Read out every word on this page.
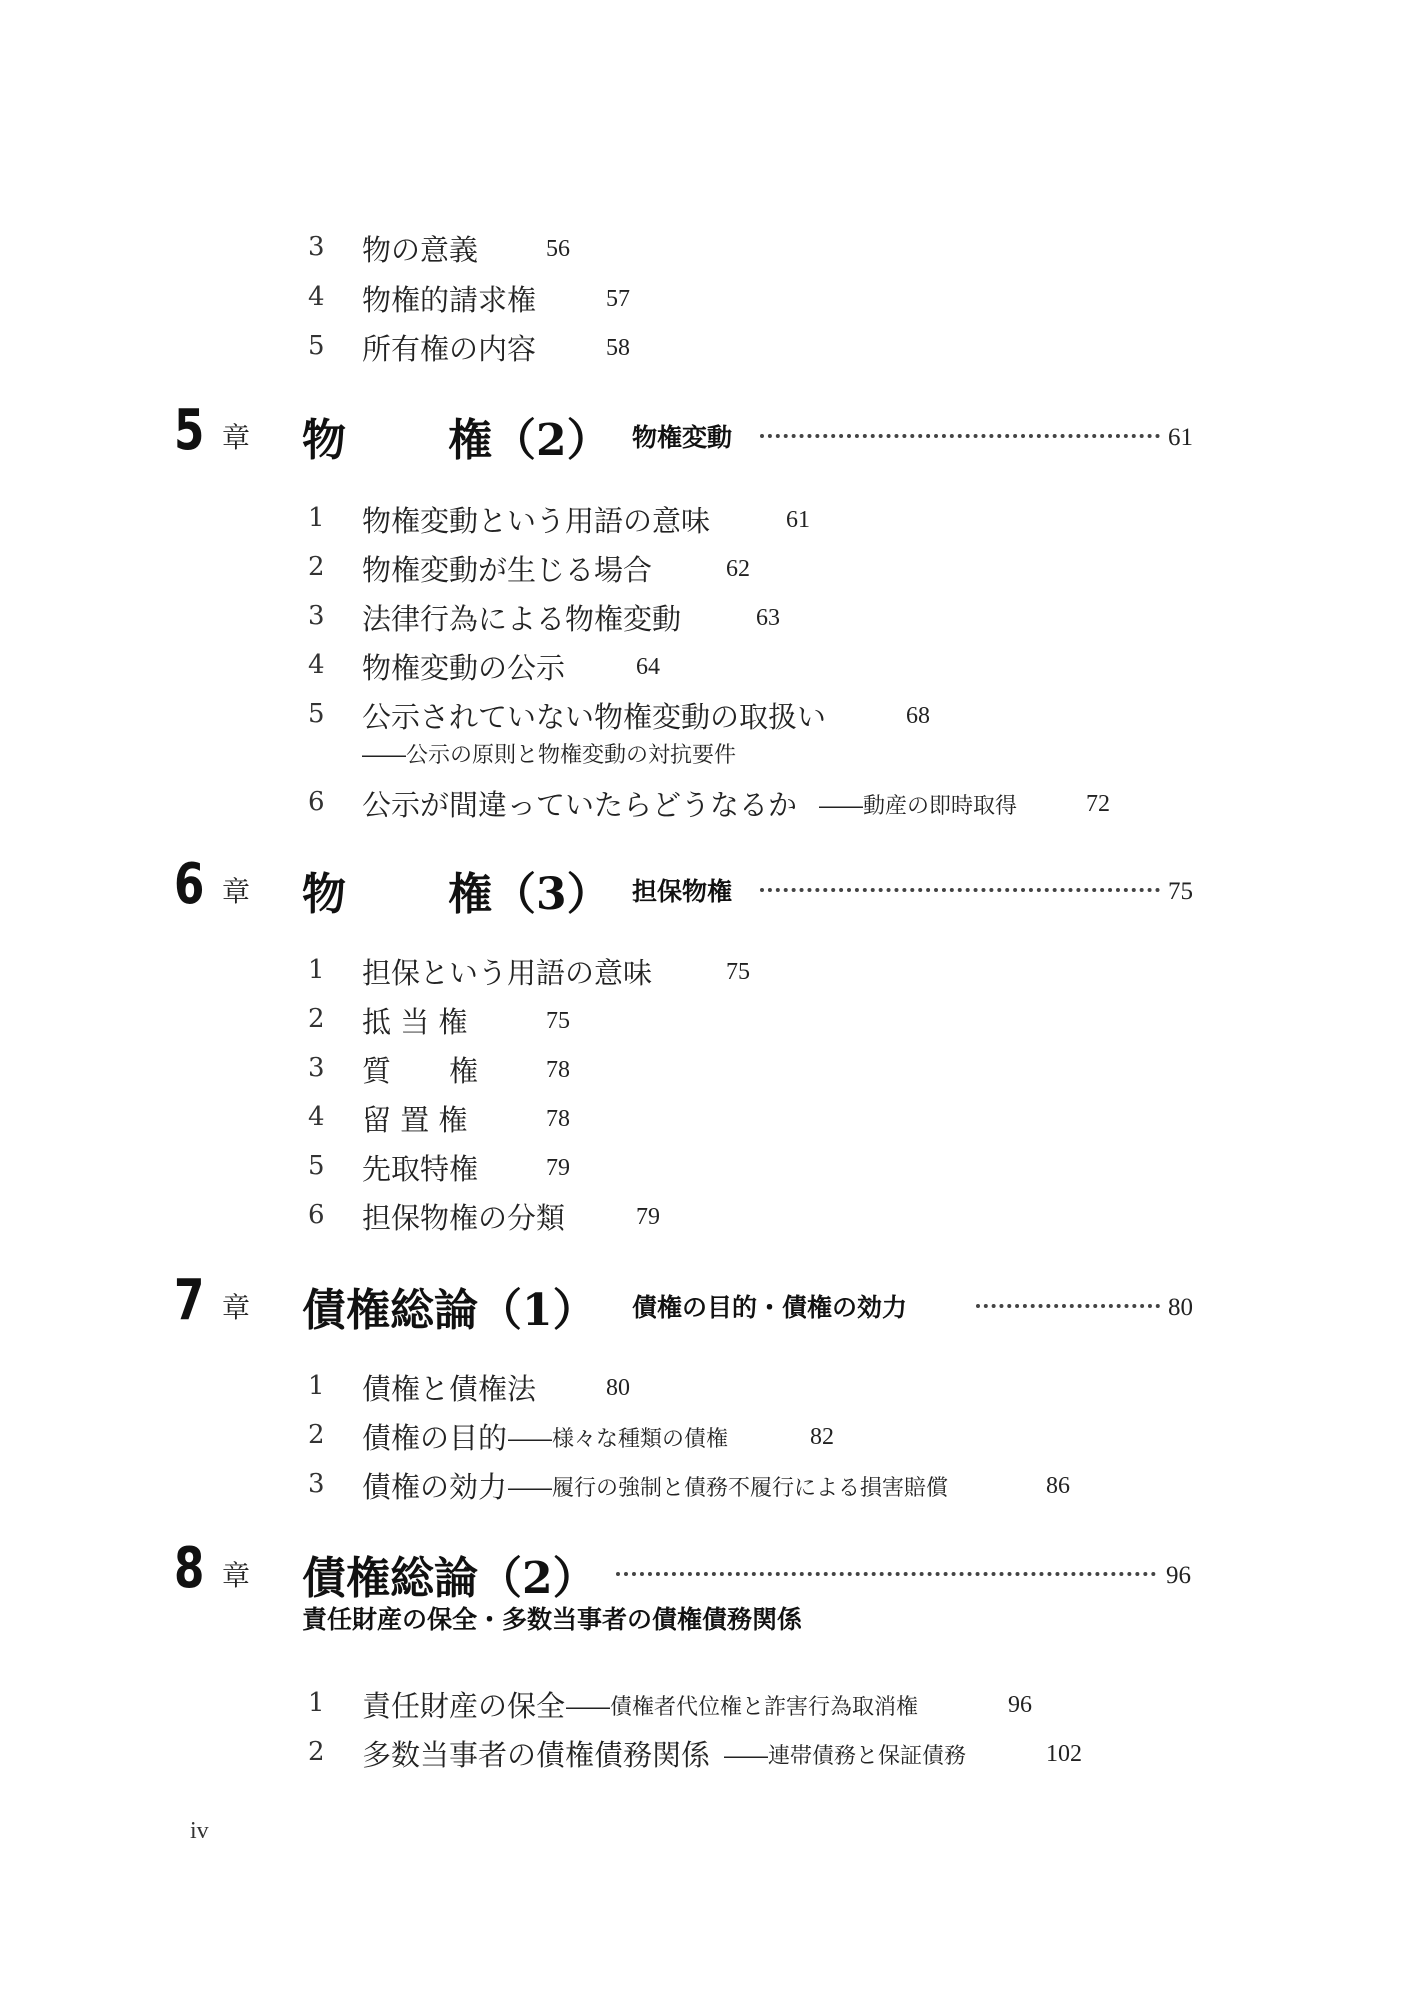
3 物の意義	56
4 物権的請求権	57
5 所有権の内容	58
5 章 物 権（2） 物権変動	61
1 物権変動という用語の意味	61
2 物権変動が生じる場合	62
3 法律行為による物権変動	63
4 物権変動の公示	64
5 公示されていない物権変動の取扱い	68
――公示の原則と物権変動の対抗要件
6 公示が間違っていたらどうなるか ――動産の即時取得	72
6 章 物 権（3） 担保物権	75
1 担保という用語の意味	75
2 抵 当 権	75
3 質　　権	78
4 留 置 権	78
5 先取特権	79
6 担保物権の分類	79
7 章 債権総論（1） 債権の目的・債権の効力	80
1 債権と債権法	80
2 債権の目的 ――様々な種類の債権	82
3 債権の効力 ――履行の強制と債務不履行による損害賠償	86
8 章 債権総論（2）	96
責任財産の保全・多数当事者の債権債務関係
1 責任財産の保全 ――債権者代位権と詐害行為取消権	96
2 多数当事者の債権債務関係 ――連帯債務と保証債務	102
iv
